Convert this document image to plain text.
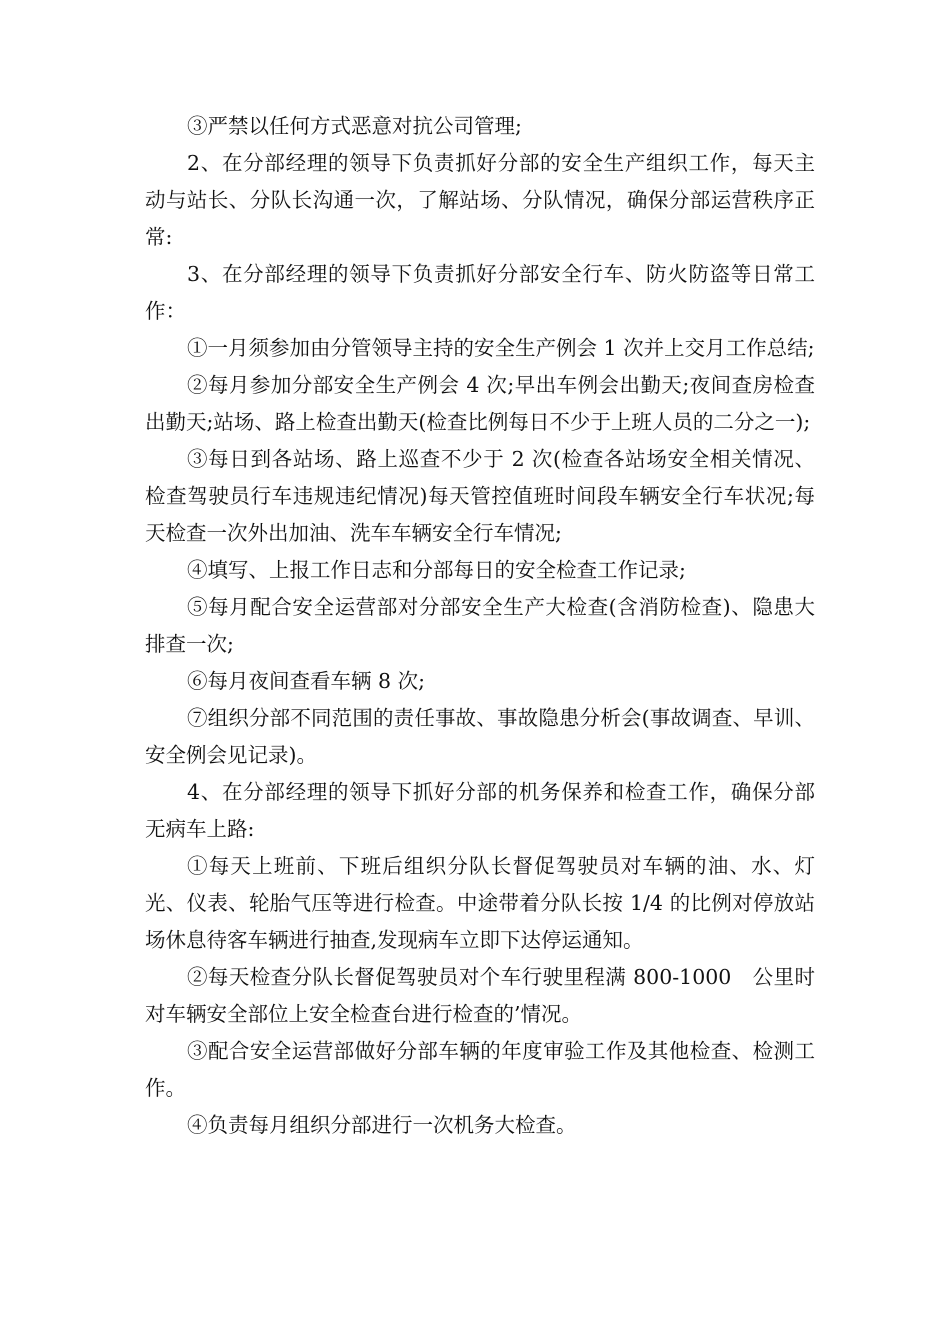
③严禁以任何方式恶意对抗公司管理;

2、在分部经理的领导下负责抓好分部的安全生产组织工作，每天主动与站长、分队长沟通一次，了解站场、分队情况，确保分部运营秩序正常:

3、在分部经理的领导下负责抓好分部安全行车、防火防盗等日常工作：

①一月须参加由分管领导主持的安全生产例会 1 次并上交月工作总结;

②每月参加分部安全生产例会 4 次;早出车例会出勤天;夜间查房检查出勤天;站场、路上检查出勤天(检查比例每日不少于上班人员的二分之一);

③每日到各站场、路上巡查不少于 2 次(检查各站场安全相关情况、检查驾驶员行车违规违纪情况)每天管控值班时间段车辆安全行车状况;每天检查一次外出加油、洗车车辆安全行车情况;

④填写、上报工作日志和分部每日的安全检查工作记录;

⑤每月配合安全运营部对分部安全生产大检查(含消防检查)、隐患大排查一次;

⑥每月夜间查看车辆 8 次;

⑦组织分部不同范围的责任事故、事故隐患分析会(事故调查、早训、安全例会见记录)。

4、在分部经理的领导下抓好分部的机务保养和检查工作，确保分部无病车上路:

①每天上班前、下班后组织分队长督促驾驶员对车辆的油、水、灯光、仪表、轮胎气压等进行检查。中途带着分队长按 1/4 的比例对停放站场休息待客车辆进行抽查,发现病车立即下达停运通知。

②每天检查分队长督促驾驶员对个车行驶里程满 800-1000　公里时对车辆安全部位上安全检查台进行检查的’情况。

③配合安全运营部做好分部车辆的年度审验工作及其他检查、检测工作。

④负责每月组织分部进行一次机务大检查。
